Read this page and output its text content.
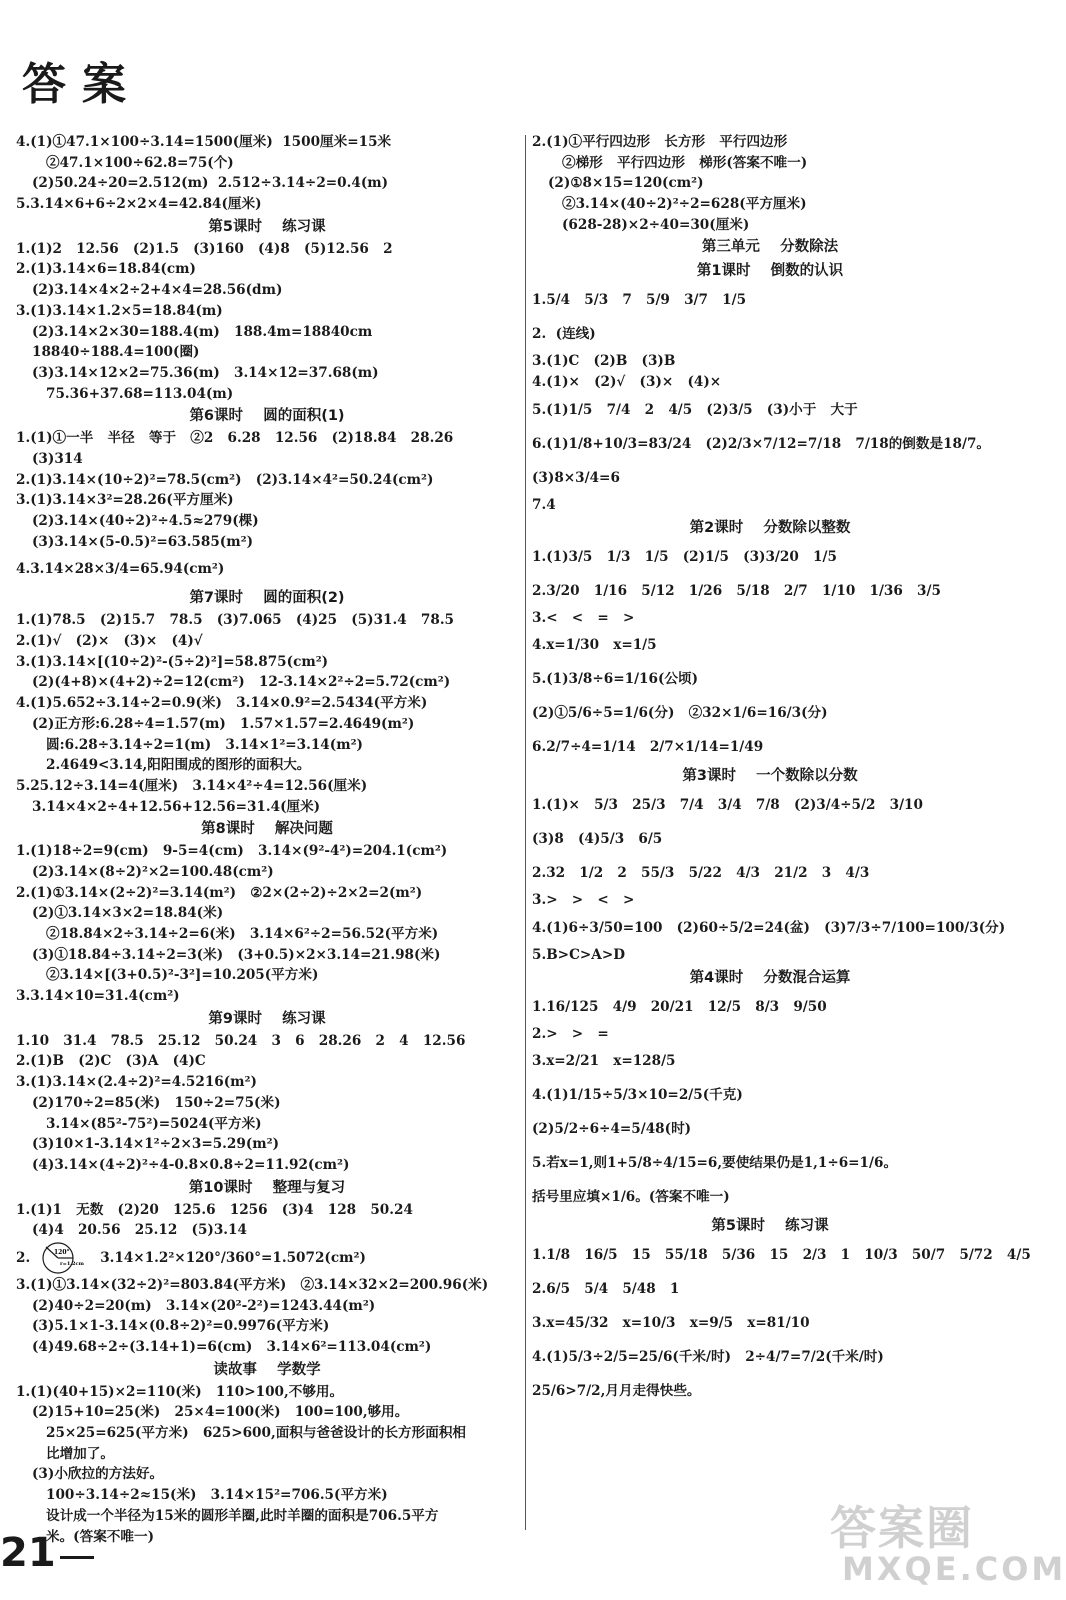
答案
4.(1)①47.1×100÷3.14=1500(厘米)  1500厘米=15米
②47.1×100÷62.8=75(个)
(2)50.24÷20=2.512(m)  2.512÷3.14÷2=0.4(m)
5.3.14×6+6÷2×2×4=42.84(厘米)
第5课时    练习课
1.(1)2   12.56   (2)1.5   (3)160   (4)8   (5)12.56   2
2.(1)3.14×6=18.84(cm)
(2)3.14×4×2÷2+4×4=28.56(dm)
3.(1)3.14×1.2×5=18.84(m)
(2)3.14×2×30=188.4(m)   188.4m=18840cm
18840÷188.4=100(圈)
(3)3.14×12×2=75.36(m)   3.14×12=37.68(m)
75.36+37.68=113.04(m)
第6课时    圆的面积(1)
1.(1)①一半   半径   等于   ②2   6.28   12.56   (2)18.84   28.26
(3)314
2.(1)3.14×(10÷2)²=78.5(cm²)   (2)3.14×4²=50.24(cm²)
3.(1)3.14×3²=28.26(平方厘米)
(2)3.14×(40÷2)²÷4.5≈279(棵)
(3)3.14×(5-0.5)²=63.585(m²)
4.3.14×28×3/4=65.94(cm²)
第7课时    圆的面积(2)
1.(1)78.5   (2)15.7   78.5   (3)7.065   (4)25   (5)31.4   78.5
2.(1)√   (2)×   (3)×   (4)√
3.(1)3.14×[(10÷2)²-(5÷2)²]=58.875(cm²)
(2)(4+8)×(4+2)÷2=12(cm²)   12-3.14×2²÷2=5.72(cm²)
4.(1)5.652÷3.14÷2=0.9(米)   3.14×0.9²=2.5434(平方米)
(2)正方形:6.28÷4=1.57(m)   1.57×1.57=2.4649(m²)
圆:6.28÷3.14÷2=1(m)   3.14×1²=3.14(m²)
2.4649<3.14,阳阳围成的图形的面积大。
5.25.12÷3.14=4(厘米)   3.14×4²÷4=12.56(厘米)
3.14×4×2÷4+12.56+12.56=31.4(厘米)
第8课时    解决问题
1.(1)18÷2=9(cm)   9-5=4(cm)   3.14×(9²-4²)=204.1(cm²)
(2)3.14×(8÷2)²×2=100.48(cm²)
2.(1)①3.14×(2÷2)²=3.14(m²)   ②2×(2÷2)÷2×2=2(m²)
(2)①3.14×3×2=18.84(米)
②18.84×2÷3.14÷2=6(米)   3.14×6²÷2=56.52(平方米)
(3)①18.84÷3.14÷2=3(米)   (3+0.5)×2×3.14=21.98(米)
②3.14×[(3+0.5)²-3²]=10.205(平方米)
3.3.14×10=31.4(cm²)
第9课时    练习课
1.10   31.4   78.5   25.12   50.24   3   6   28.26   2   4   12.56
2.(1)B   (2)C   (3)A   (4)C
3.(1)3.14×(2.4÷2)²=4.5216(m²)
(2)170÷2=85(米)   150÷2=75(米)
3.14×(85²-75²)=5024(平方米)
(3)10×1-3.14×1²÷2×3=5.29(m²)
(4)3.14×(4÷2)²÷4-0.8×0.8÷2=11.92(cm²)
第10课时    整理与复习
1.(1)1   无数   (2)20   125.6   1256   (3)4   128   50.24
(4)4   20.56   25.12   (5)3.14
2.	120°
r=1.2cm 3.14×1.2²×120°/360°=1.5072(cm²)
3.(1)①3.14×(32÷2)²=803.84(平方米)   ②3.14×32×2=200.96(米)
(2)40÷2=20(m)   3.14×(20²-2²)=1243.44(m²)
(3)5.1×1-3.14×(0.8÷2)²=0.9976(平方米)
(4)49.68÷2÷(3.14+1)=6(cm)   3.14×6²=113.04(cm²)
读故事    学数学
1.(1)(40+15)×2=110(米)   110>100,不够用。
(2)15+10=25(米)   25×4=100(米)   100=100,够用。
25×25=625(平方米)   625>600,面积与爸爸设计的长方形面积相
比增加了。
(3)小欣拉的方法好。
100÷3.14÷2≈15(米)   3.14×15²=706.5(平方米)
设计成一个半径为15米的圆形羊圈,此时羊圈的面积是706.5平方
米。(答案不唯一)
2.(1)①平行四边形   长方形   平行四边形
②梯形   平行四边形   梯形(答案不唯一)
(2)①8×15=120(cm²)
②3.14×(40÷2)²÷2=628(平方厘米)
(628-28)×2÷40=30(厘米)
第三单元    分数除法
第1课时    倒数的认识
1.5/4   5/3   7   5/9   3/7   1/5
2.  (连线)
3.(1)C   (2)B   (3)B
4.(1)×   (2)√   (3)×   (4)×
5.(1)1/5   7/4   2   4/5   (2)3/5   (3)小于   大于
6.(1)1/8+10/3=83/24   (2)2/3×7/12=7/18   7/18的倒数是18/7。
(3)8×3/4=6
7.4
第2课时    分数除以整数
1.(1)3/5   1/3   1/5   (2)1/5   (3)3/20   1/5
2.3/20   1/16   5/12   1/26   5/18   2/7   1/10   1/36   3/5
3.<   <   =   >
4.x=1/30   x=1/5
5.(1)3/8÷6=1/16(公顷)
(2)①5/6÷5=1/6(分)   ②32×1/6=16/3(分)
6.2/7÷4=1/14   2/7×1/14=1/49
第3课时    一个数除以分数
1.(1)×   5/3   25/3   7/4   3/4   7/8   (2)3/4÷5/2   3/10
(3)8   (4)5/3   6/5
2.32   1/2   2   55/3   5/22   4/3   21/2   3   4/3
3.>   >   <   >
4.(1)6÷3/50=100   (2)60÷5/2=24(盆)   (3)7/3÷7/100=100/3(分)
5.B>C>A>D
第4课时    分数混合运算
1.16/125   4/9   20/21   12/5   8/3   9/50
2.>   >   =
3.x=2/21   x=128/5
4.(1)1/15÷5/3×10=2/5(千克)
(2)5/2÷6÷4=5/48(时)
5.若x=1,则1+5/8÷4/15=6,要使结果仍是1,1÷6=1/6。
括号里应填×1/6。(答案不唯一)
第5课时    练习课
1.1/8   16/5   15   55/18   5/36   15   2/3   1   10/3   50/7   5/72   4/5
2.6/5   5/4   5/48   1
3.x=45/32   x=10/3   x=9/5   x=81/10
4.(1)5/3÷2/5=25/6(千米/时)   2÷4/7=7/2(千米/时)
25/6>7/2,月月走得快些。
21	答案圈
MXQE.COM
